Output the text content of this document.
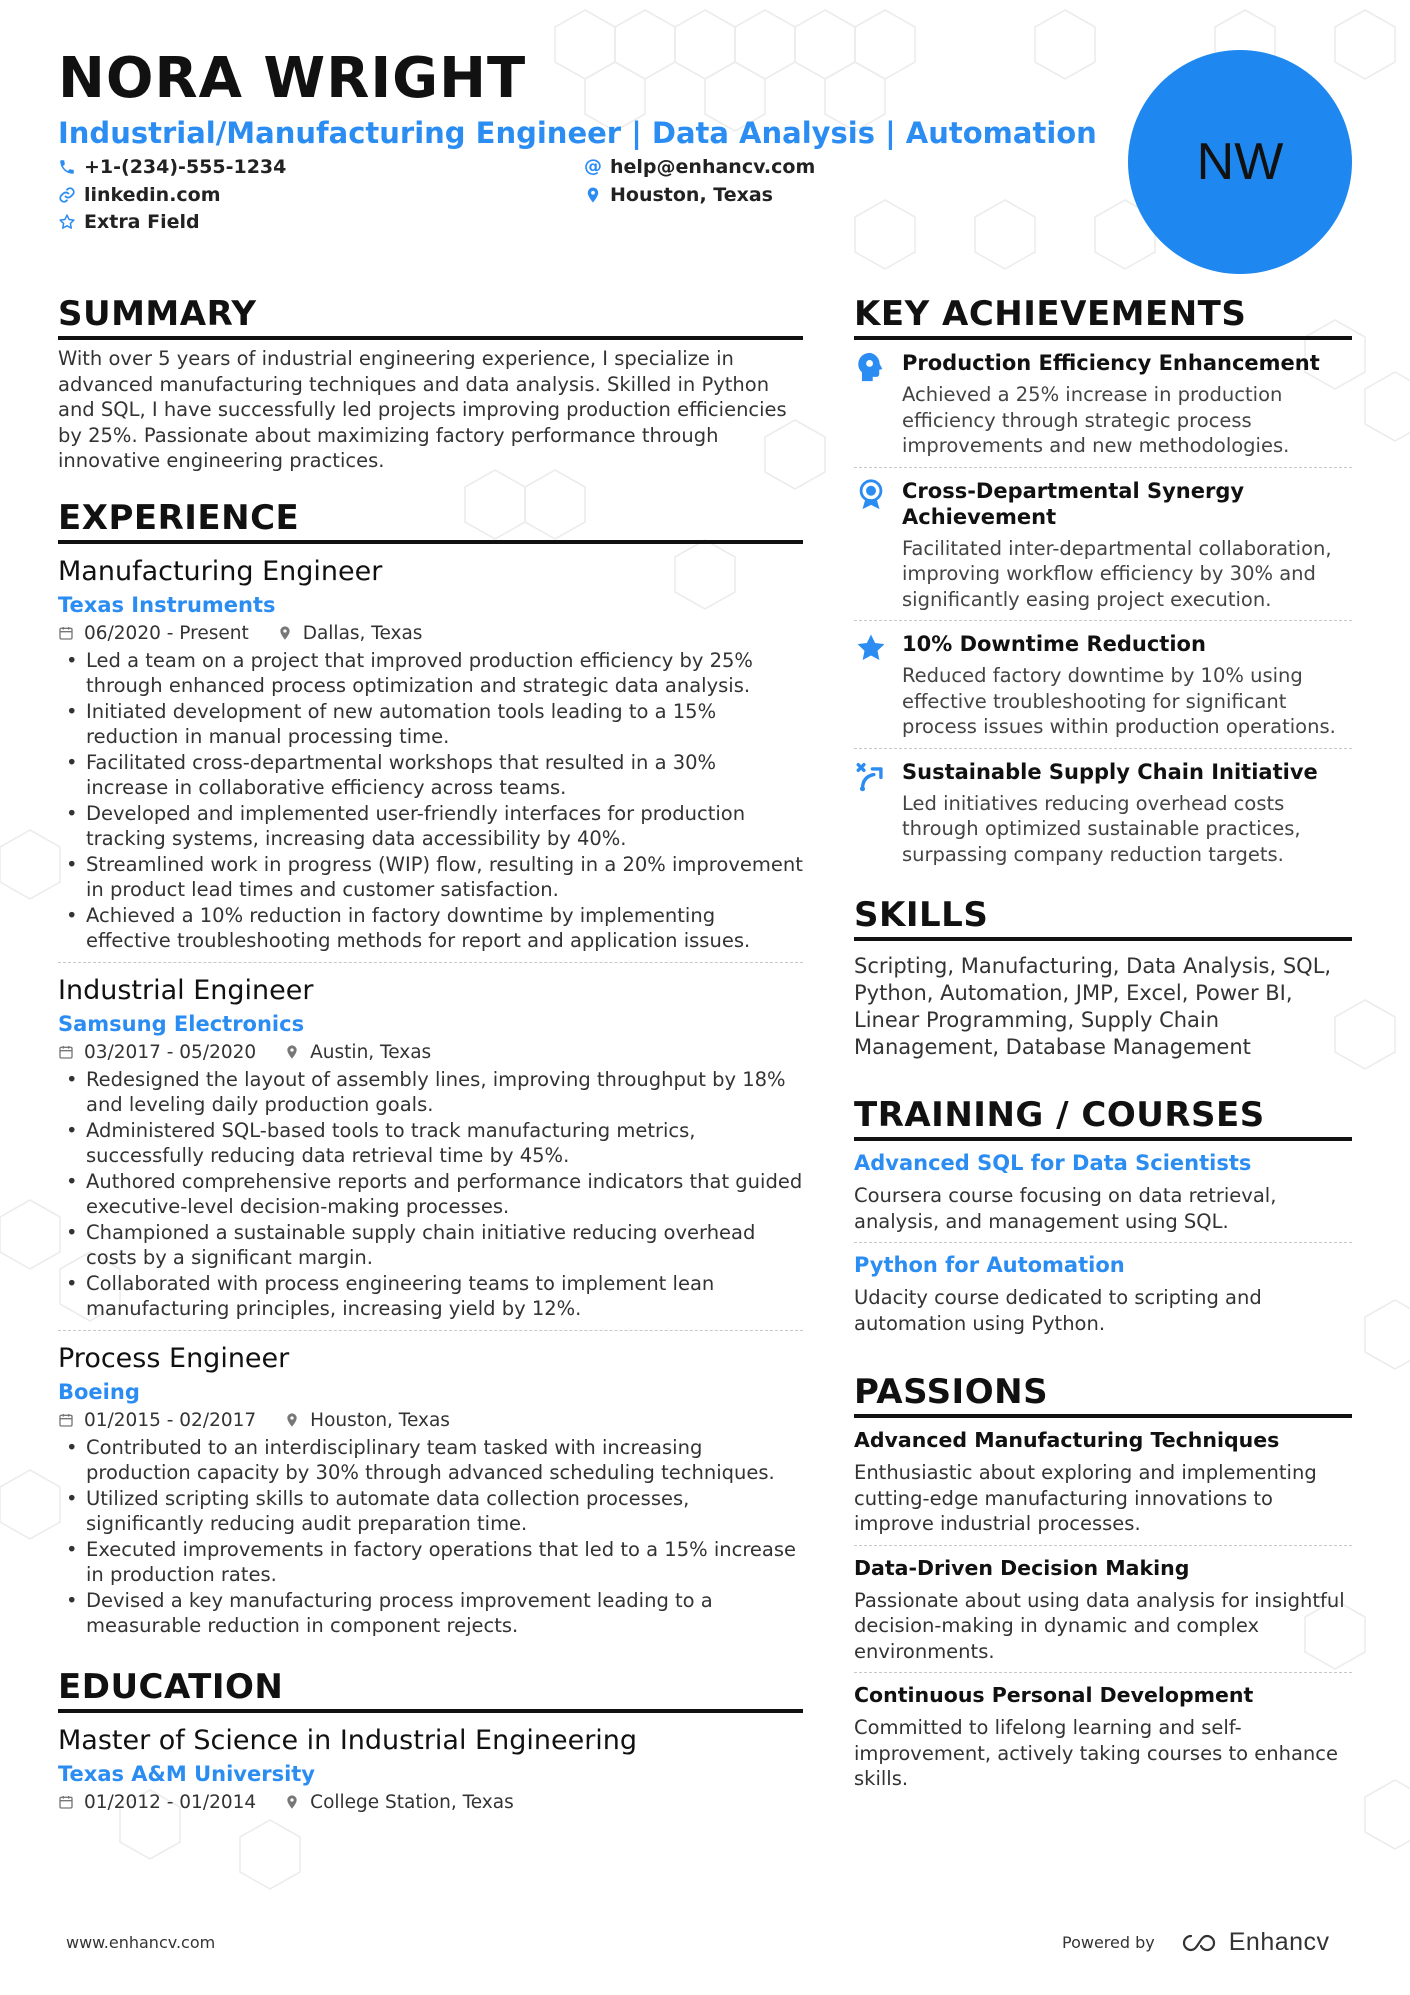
NORA WRIGHT
Industrial/Manufacturing Engineer | Data Analysis | Automation
+1-(234)-555-1234	@ help@enhancv.com
linkedin.com	Houston, Texas
Extra Field
NW
SUMMARY
With over 5 years of industrial engineering experience, I specialize in advanced manufacturing techniques and data analysis. Skilled in Python and SQL, I have successfully led projects improving production efficiencies by 25%. Passionate about maximizing factory performance through innovative engineering practices.
EXPERIENCE
Manufacturing Engineer
Texas Instruments
06/2020 - Present	Dallas, Texas
• Led a team on a project that improved production efficiency by 25% through enhanced process optimization and strategic data analysis.
• Initiated development of new automation tools leading to a 15% reduction in manual processing time.
• Facilitated cross-departmental workshops that resulted in a 30% increase in collaborative efficiency across teams.
• Developed and implemented user-friendly interfaces for production tracking systems, increasing data accessibility by 40%.
• Streamlined work in progress (WIP) flow, resulting in a 20% improvement in product lead times and customer satisfaction.
• Achieved a 10% reduction in factory downtime by implementing effective troubleshooting methods for report and application issues.
Industrial Engineer
Samsung Electronics
03/2017 - 05/2020	Austin, Texas
• Redesigned the layout of assembly lines, improving throughput by 18% and leveling daily production goals.
• Administered SQL-based tools to track manufacturing metrics, successfully reducing data retrieval time by 45%.
• Authored comprehensive reports and performance indicators that guided executive-level decision-making processes.
• Championed a sustainable supply chain initiative reducing overhead costs by a significant margin.
• Collaborated with process engineering teams to implement lean manufacturing principles, increasing yield by 12%.
Process Engineer
Boeing
01/2015 - 02/2017	Houston, Texas
• Contributed to an interdisciplinary team tasked with increasing production capacity by 30% through advanced scheduling techniques.
• Utilized scripting skills to automate data collection processes, significantly reducing audit preparation time.
• Executed improvements in factory operations that led to a 15% increase in production rates.
• Devised a key manufacturing process improvement leading to a measurable reduction in component rejects.
EDUCATION
Master of Science in Industrial Engineering
Texas A&M University
01/2012 - 01/2014	College Station, Texas
KEY ACHIEVEMENTS
Production Efficiency Enhancement
Achieved a 25% increase in production efficiency through strategic process improvements and new methodologies.
Cross-Departmental Synergy Achievement
Facilitated inter-departmental collaboration, improving workflow efficiency by 30% and significantly easing project execution.
10% Downtime Reduction
Reduced factory downtime by 10% using effective troubleshooting for significant process issues within production operations.
Sustainable Supply Chain Initiative
Led initiatives reducing overhead costs through optimized sustainable practices, surpassing company reduction targets.
SKILLS
Scripting, Manufacturing, Data Analysis, SQL, Python, Automation, JMP, Excel, Power BI, Linear Programming, Supply Chain Management, Database Management
TRAINING / COURSES
Advanced SQL for Data Scientists
Coursera course focusing on data retrieval, analysis, and management using SQL.
Python for Automation
Udacity course dedicated to scripting and automation using Python.
PASSIONS
Advanced Manufacturing Techniques
Enthusiastic about exploring and implementing cutting-edge manufacturing innovations to improve industrial processes.
Data-Driven Decision Making
Passionate about using data analysis for insightful decision-making in dynamic and complex environments.
Continuous Personal Development
Committed to lifelong learning and self-improvement, actively taking courses to enhance skills.
www.enhancv.com	Powered by	Enhancv
